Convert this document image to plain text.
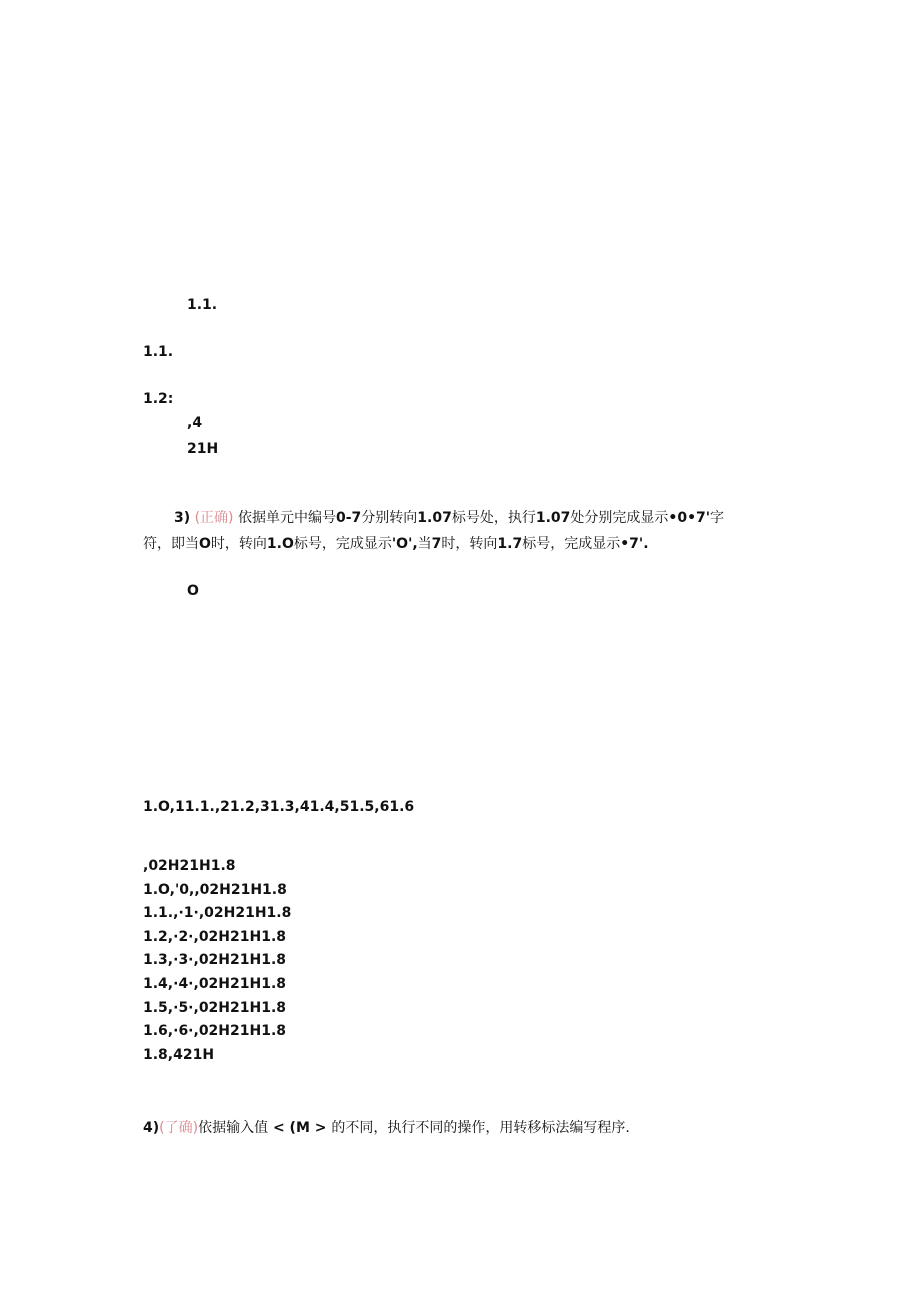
1.1.
1.1.
1.2:
,4
21H
3) (正确) 依据单元中编号0-7分别转向1.07标号处，执行1.07处分别完成显示•0•7'字
符，即当O时，转向1.O标号，完成显示'O',当7时，转向1.7标号，完成显示•7'.
O
1.O,11.1.,21.2,31.3,41.4,51.5,61.6
,02H21H1.8
1.O,'0,,02H21H1.8
1.1.,·1·,02H21H1.8
1.2,·2·,02H21H1.8
1.3,·3·,02H21H1.8
1.4,·4·,02H21H1.8
1.5,·5·,02H21H1.8
1.6,·6·,02H21H1.8
1.8,421H
4)(了确)依据输入值 < (M > 的不同，执行不同的操作，用转移标法编写程序.
